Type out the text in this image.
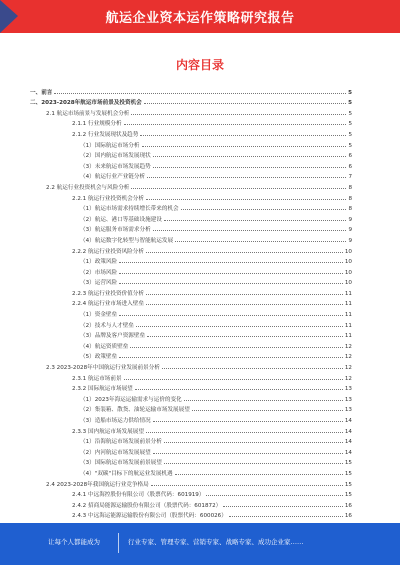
航运企业资本运作策略研究报告
内容目录
一、前言	5
二、2023-2028年航运市场前景及投资机会	5
2.1 航运市场前景与发展机会分析	5
2.1.1 行业规模分析	5
2.1.2 行业发展现状及趋势	5
（1）国际航运市场分析	5
（2）国内航运市场发展现状	6
（3）未来航运市场发展趋势	6
（4）航运行业产业链分析	7
2.2 航运行业投资机会与风险分析	8
2.2.1 航运行业投资机会分析	8
（1）航运市场需求持续增长带来的机会	8
（2）航运、港口等基础设施建设	9
（3）航运服务市场需求分析	9
（4）航运数字化转型与智能航运发展	9
2.2.2 航运行业投资风险分析	10
（1）政策风险	10
（2）市场风险	10
（3）运营风险	10
2.2.3 航运行业投资价值分析	11
2.2.4 航运行业市场进入壁垒	11
（1）资金壁垒	11
（2）技术与人才壁垒	11
（3）品牌及客户资源壁垒	11
（4）航运资质壁垒	12
（5）政策壁垒	12
2.3 2023-2028年中国航运行业发展前景分析	12
2.3.1 航运市场前景	12
2.3.2 国际航运市场展望	13
（1）2023年海运运输需求与运价的变化	13
（2）集装箱、散货、油轮运输市场发展展望	13
（3）造船市场运力供给情况	14
2.3.3 国内航运市场发展展望	14
（1）沿海航运市场发展前景分析	14
（2）内河航运市场发展展望	14
（3）国际航运市场发展前景展望	15
（4）"双碳"目标下的航运业发展机遇	15
2.4 2023-2028年我国航运行业竞争格局	15
2.4.1 中远海控股份有限公司（股票代码：601919）	15
2.4.2 招商局能源运输股份有限公司（股票代码：601872）	16
2.4.3 中远海运能源运输股份有限公司（股票代码：600026）	16
让每个人都能成为	行业专家、管理专家、营销专家、战略专家、成功企业家……
